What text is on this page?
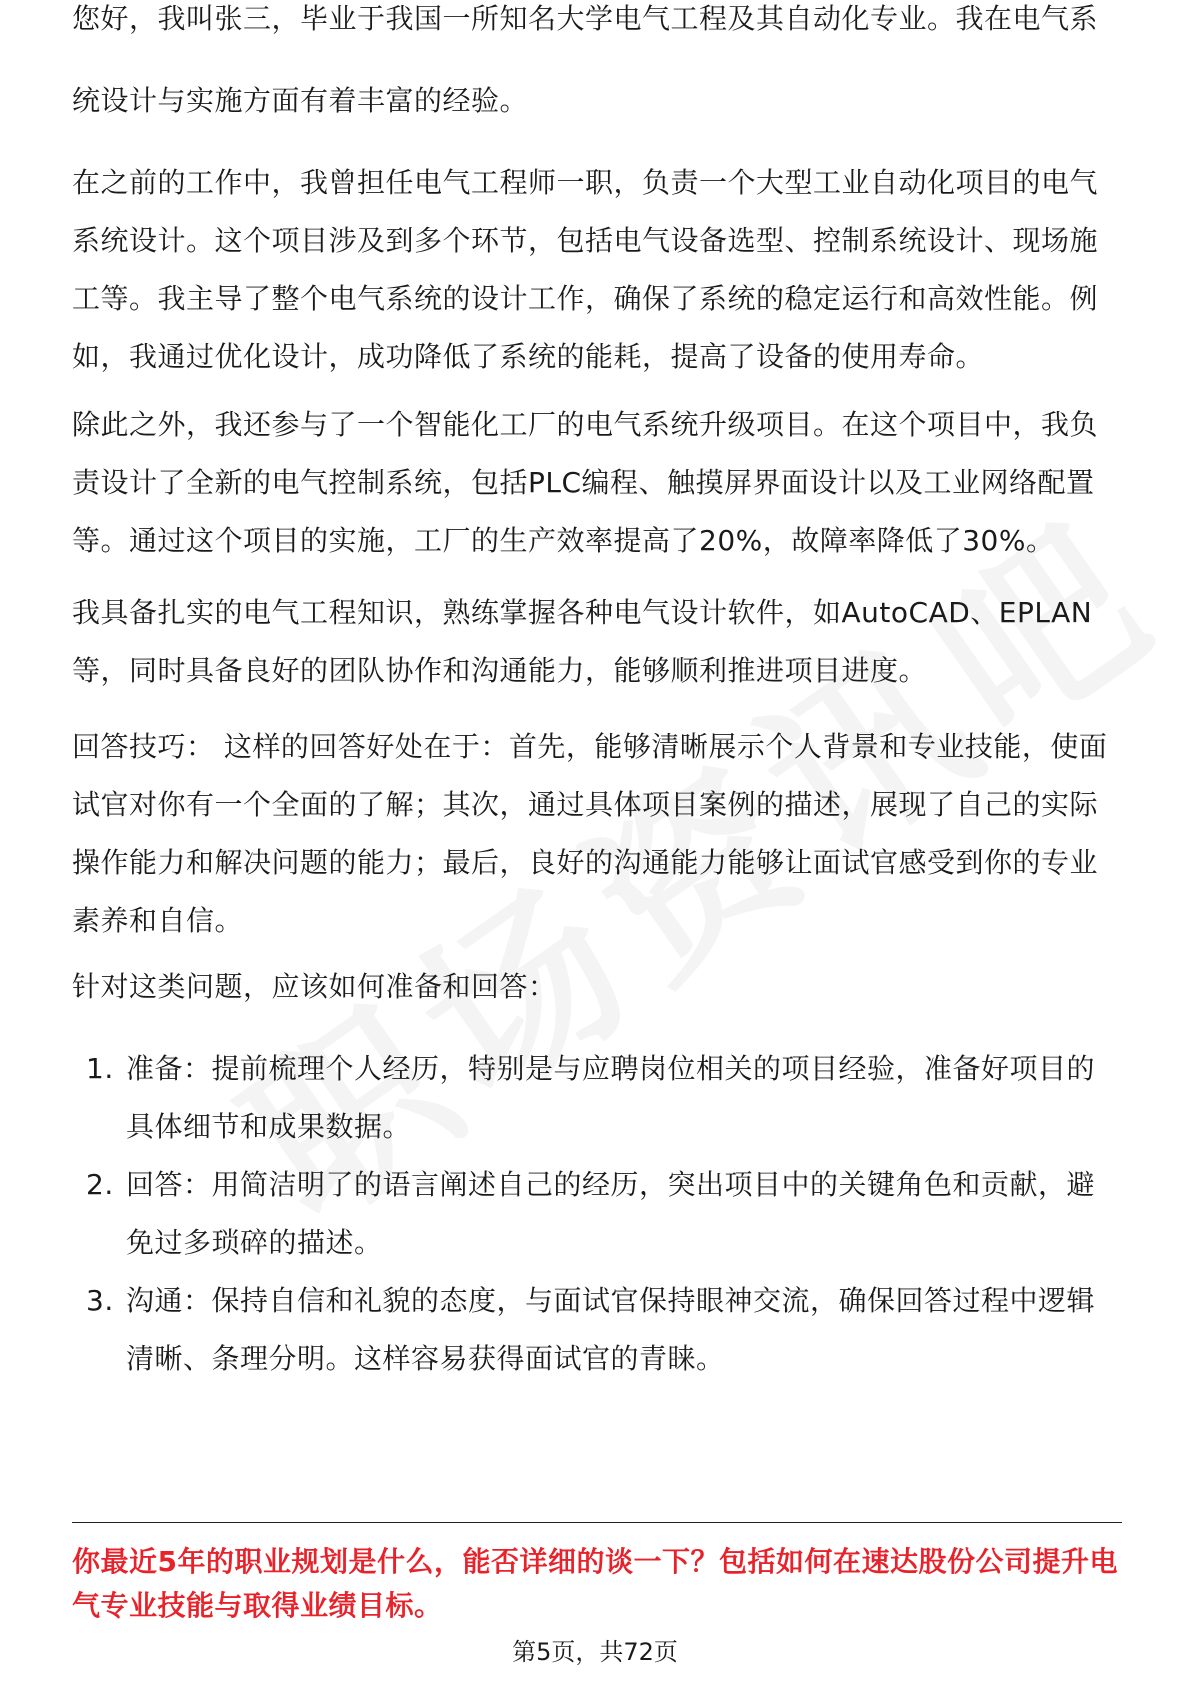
您好，我叫张三，毕业于我国一所知名大学电气工程及其自动化专业。我在电气系

统设计与实施方面有着丰富的经验。

在之前的工作中，我曾担任电气工程师一职，负责一个大型工业自动化项目的电气系统设计。这个项目涉及到多个环节，包括电气设备选型、控制系统设计、现场施工等。我主导了整个电气系统的设计工作，确保了系统的稳定运行和高效性能。例如，我通过优化设计，成功降低了系统的能耗，提高了设备的使用寿命。

除此之外，我还参与了一个智能化工厂的电气系统升级项目。在这个项目中，我负责设计了全新的电气控制系统，包括PLC编程、触摸屏界面设计以及工业网络配置等。通过这个项目的实施，工厂的生产效率提高了20%，故障率降低了30%。

我具备扎实的电气工程知识，熟练掌握各种电气设计软件，如AutoCAD、EPLAN等，同时具备良好的团队协作和沟通能力，能够顺利推进项目进度。

回答技巧： 这样的回答好处在于：首先，能够清晰展示个人背景和专业技能，使面试官对你有一个全面的了解；其次，通过具体项目案例的描述，展现了自己的实际操作能力和解决问题的能力；最后，良好的沟通能力能够让面试官感受到你的专业素养和自信。

针对这类问题，应该如何准备和回答：

1. 准备：提前梳理个人经历，特别是与应聘岗位相关的项目经验，准备好项目的具体细节和成果数据。
2. 回答：用简洁明了的语言阐述自己的经历，突出项目中的关键角色和贡献，避免过多琐碎的描述。
3. 沟通：保持自信和礼貌的态度，与面试官保持眼神交流，确保回答过程中逻辑清晰、条理分明。这样容易获得面试官的青睐。
你最近5年的职业规划是什么，能否详细的谈一下？包括如何在速达股份公司提升电气专业技能与取得业绩目标。
第5页，共72页
